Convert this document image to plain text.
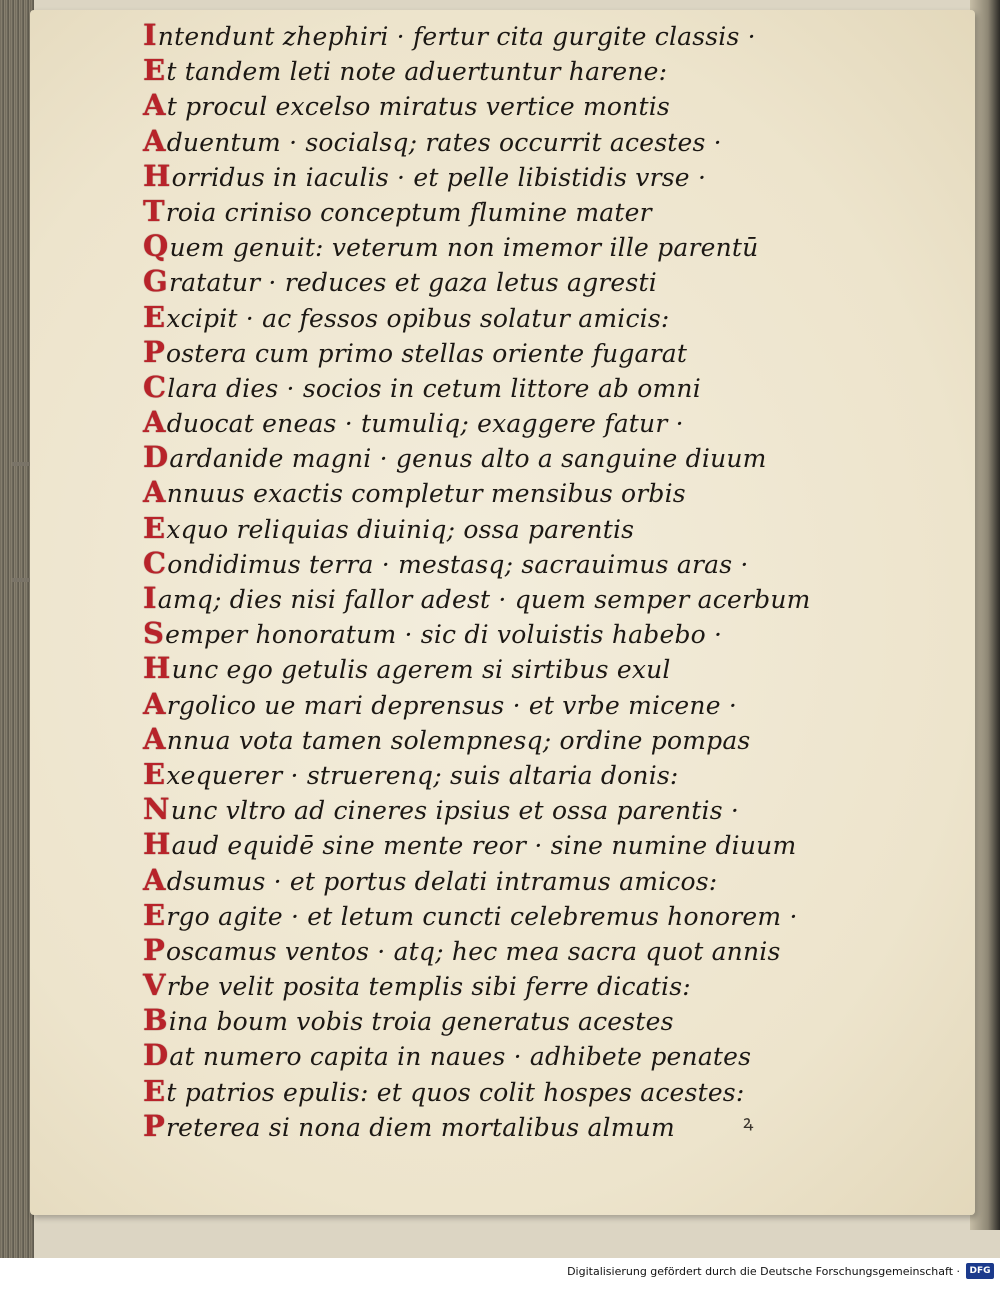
Intendunt zhephiri · fertur cita gurgite classis ·
Et tandem leti note aduertuntur harene:
At procul excelso miratus vertice montis
Aduentum · socialsq; rates occurrit acestes ·
Horridus in iaculis · et pelle libistidis vrse ·
Troia criniso conceptum flumine mater
Quem genuit: veterum non imemor ille parentū
Gratatur · reduces et gaza letus agresti
Excipit · ac fessos opibus solatur amicis:
Postera cum primo stellas oriente fugarat
Clara dies · socios in cetum littore ab omni
Aduocat eneas · tumuliq; exaggere fatur ·
Dardanide magni · genus alto a sanguine diuum
Annuus exactis completur mensibus orbis
Exquo reliquias diuiniq; ossa parentis
Condidimus terra · mestasq; sacrauimus aras ·
Iamq; dies nisi fallor adest · quem semper acerbum
Semper honoratum · sic di voluistis habebo ·
Hunc ego getulis agerem si sirtibus exul
Argolico ue mari deprensus · et vrbe micene ·
Annua vota tamen solempnesq; ordine pompas
Exequerer · struerenq; suis altaria donis:
Nunc vltro ad cineres ipsius et ossa parentis ·
Haud equidē sine mente reor · sine numine diuum
Adsumus · et portus delati intramus amicos:
Ergo agite · et letum cuncti celebremus honorem ·
Poscamus ventos · atq; hec mea sacra quot annis
Vrbe velit posita templis sibi ferre dicatis:
Bina boum vobis troia generatus acestes
Dat numero capita in naues · adhibete penates
Et patrios epulis: et quos colit hospes acestes:
Preterea si nona diem mortalibus almum	ꝝ
Digitalisierung gefördert durch die Deutsche Forschungsgemeinschaft ·	DFG
